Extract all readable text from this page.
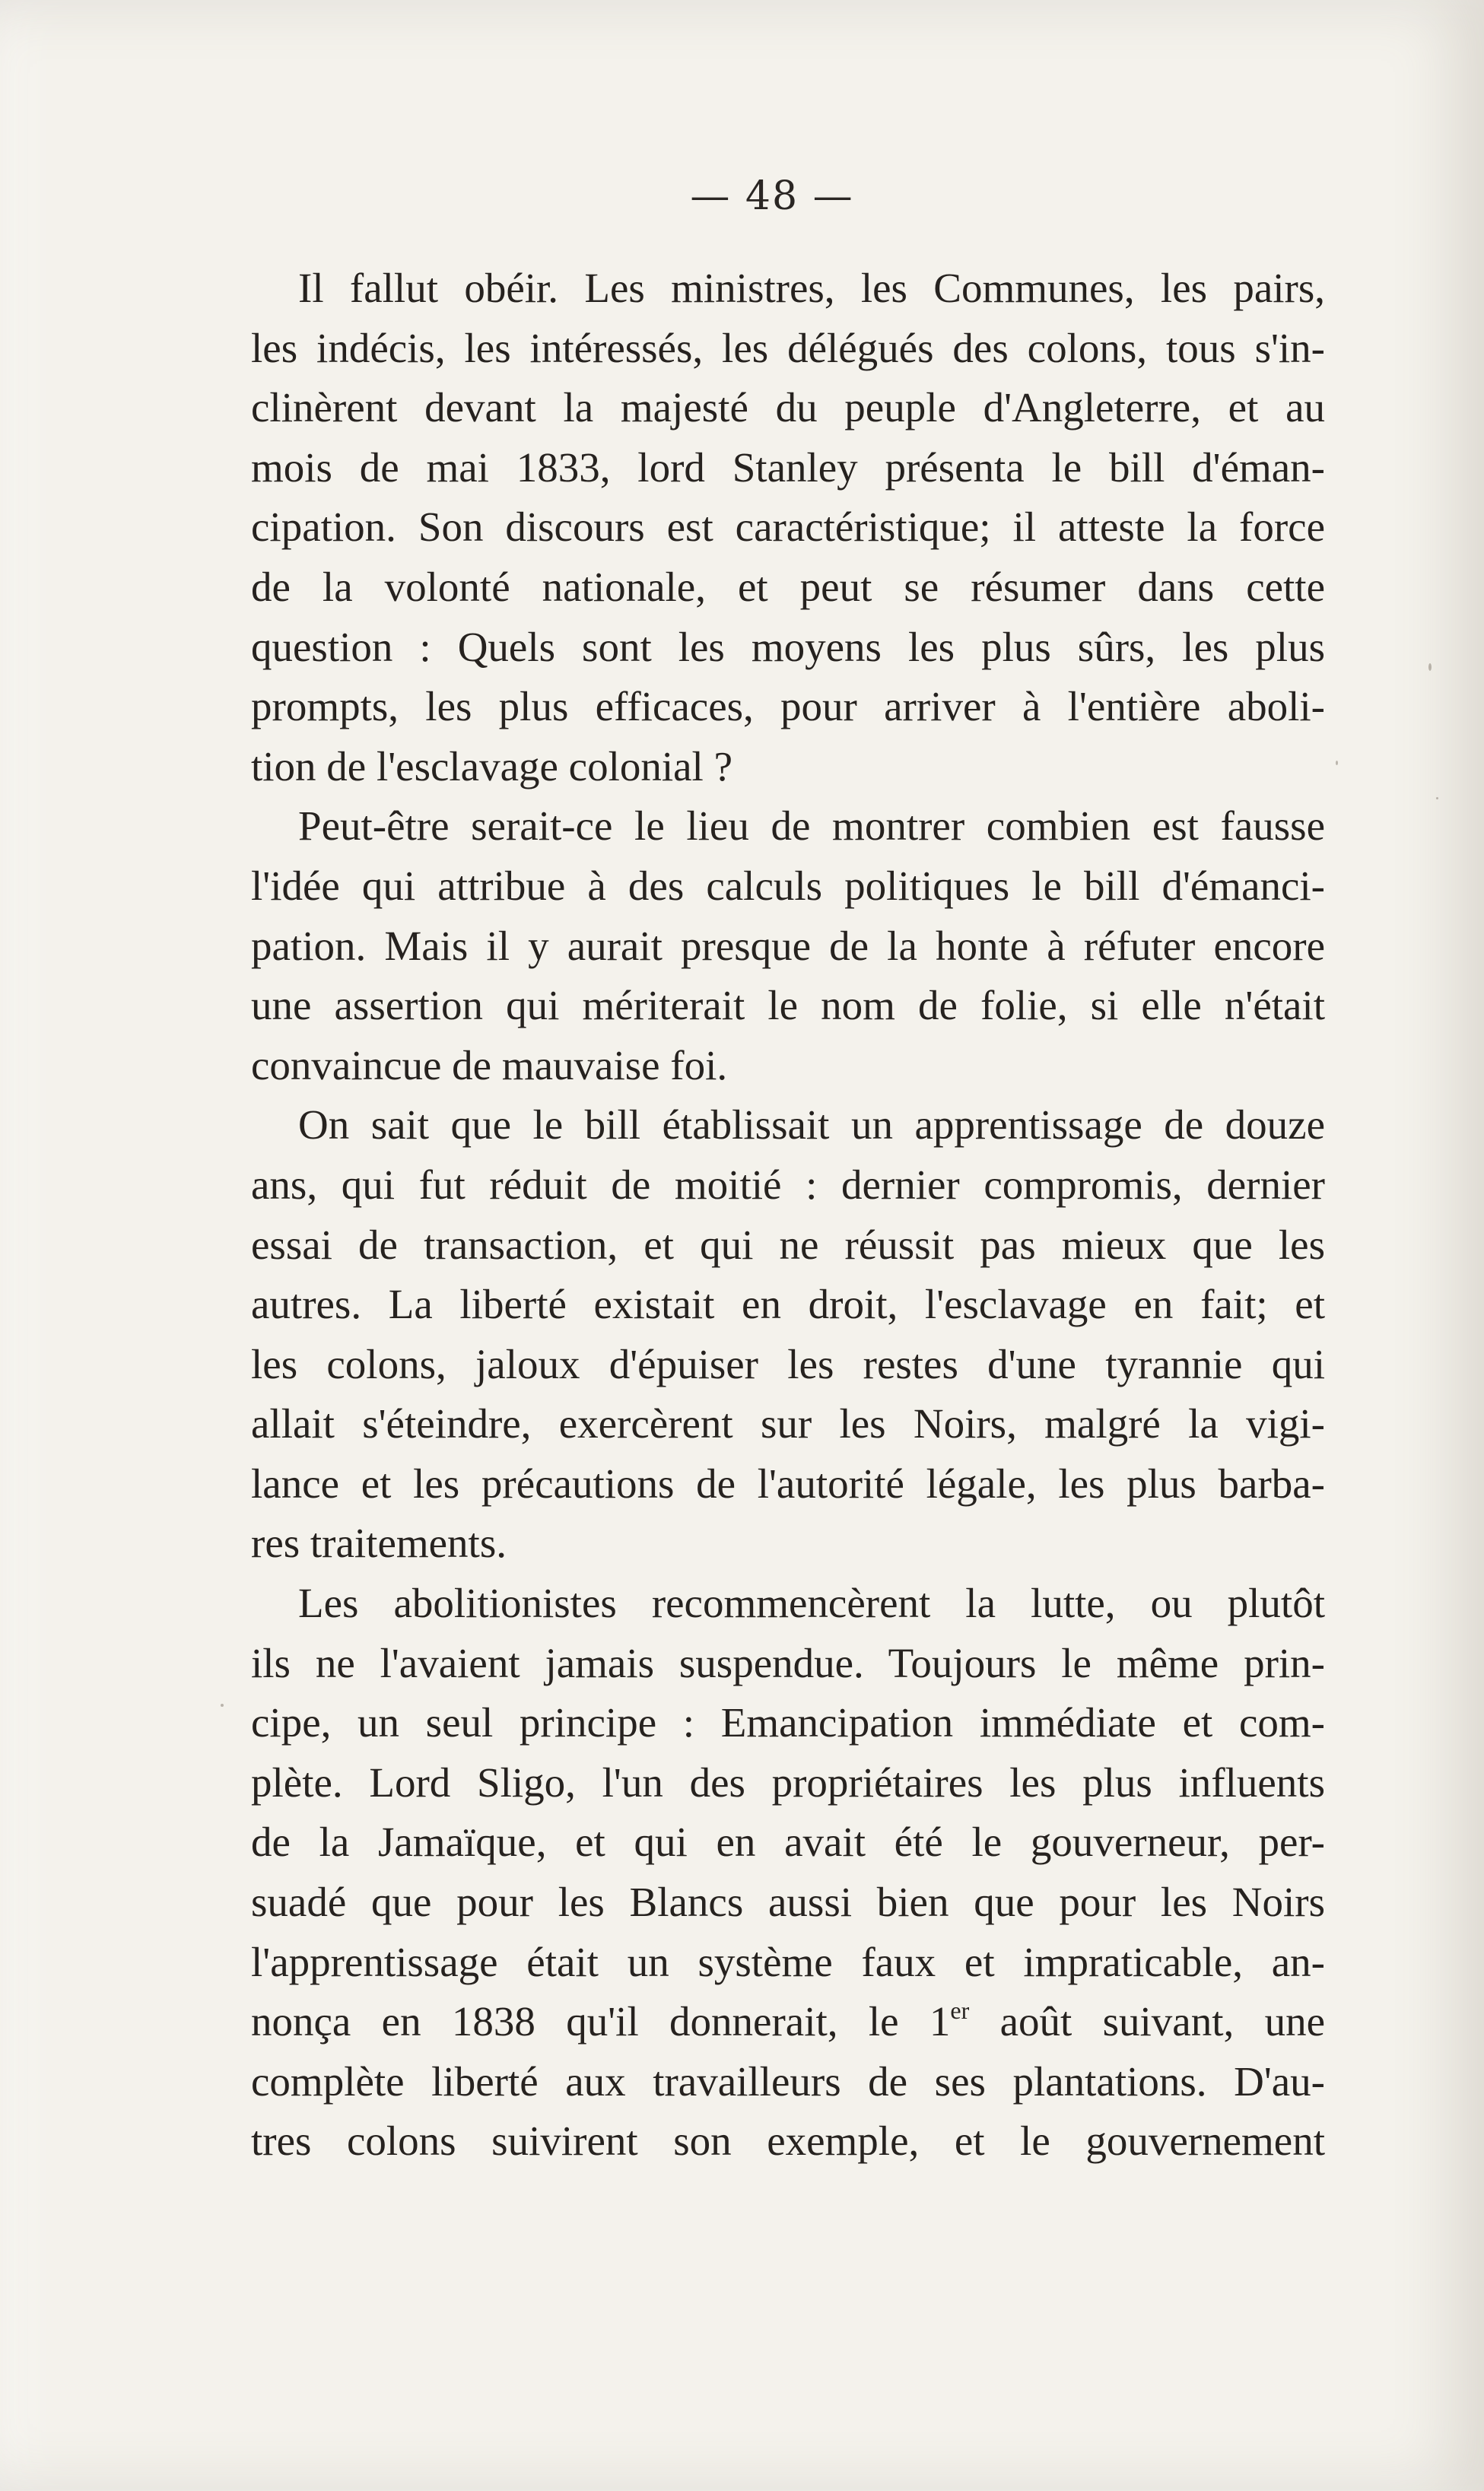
— 48 —
Il fallut obéir. Les ministres, les Communes, les pairs,
les indécis, les intéressés, les délégués des colons, tous s'in-
clinèrent devant la majesté du peuple d'Angleterre, et au
mois de mai 1833, lord Stanley présenta le bill d'éman-
cipation. Son discours est caractéristique; il atteste la force
de la volonté nationale, et peut se résumer dans cette
question : Quels sont les moyens les plus sûrs, les plus
prompts, les plus efficaces, pour arriver à l'entière aboli-
tion de l'esclavage colonial ?
Peut-être serait-ce le lieu de montrer combien est fausse
l'idée qui attribue à des calculs politiques le bill d'émanci-
pation. Mais il y aurait presque de la honte à réfuter encore
une assertion qui mériterait le nom de folie, si elle n'était
convaincue de mauvaise foi.
On sait que le bill établissait un apprentissage de douze
ans, qui fut réduit de moitié : dernier compromis, dernier
essai de transaction, et qui ne réussit pas mieux que les
autres. La liberté existait en droit, l'esclavage en fait; et
les colons, jaloux d'épuiser les restes d'une tyrannie qui
allait s'éteindre, exercèrent sur les Noirs, malgré la vigi-
lance et les précautions de l'autorité légale, les plus barba-
res traitements.
Les abolitionistes recommencèrent la lutte, ou plutôt
ils ne l'avaient jamais suspendue. Toujours le même prin-
cipe, un seul principe : Emancipation immédiate et com-
plète. Lord Sligo, l'un des propriétaires les plus influents
de la Jamaïque, et qui en avait été le gouverneur, per-
suadé que pour les Blancs aussi bien que pour les Noirs
l'apprentissage était un système faux et impraticable, an-
nonça en 1838 qu'il donnerait, le 1er août suivant, une
complète liberté aux travailleurs de ses plantations. D'au-
tres colons suivirent son exemple, et le gouvernement
